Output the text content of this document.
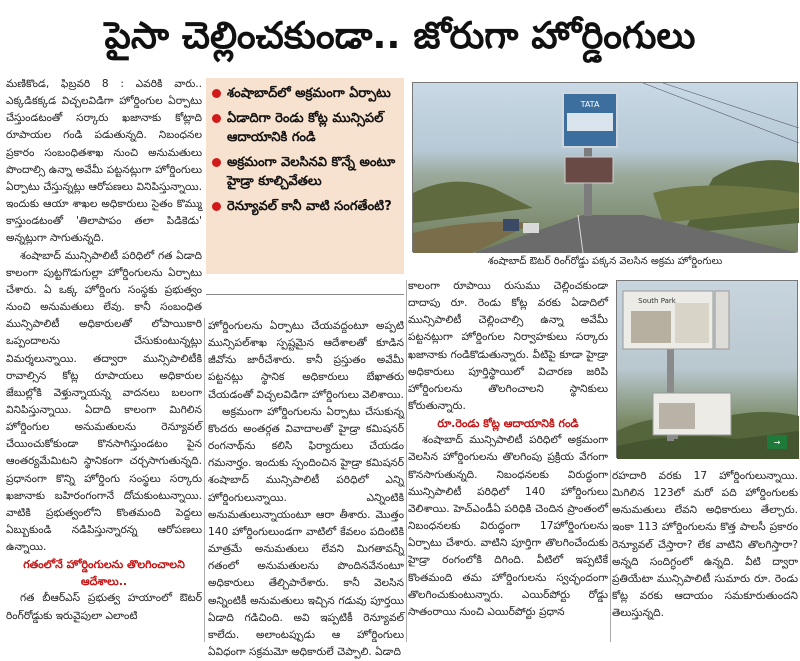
పైసా చెల్లించకుండా.. జోరుగా హోర్డింగులు

మణికొండ, ఫిబ్రవరి 8 : ఎవరికి వారు.. ఎక్కడికక్కడ విచ్చలవిడిగా హోర్డింగుల ఏర్పాటు చేస్తుండటంతో సర్కారు ఖజానాకు కోట్లాది రూపాయల గండి పడుతున్నది. నిబంధనల ప్రకారం సంబంధితశాఖ నుంచి అనుమతులు పొందాల్సి ఉన్నా అవేమీ పట్టనట్లుగా హోర్డింగులు ఏర్పాటు చేస్తున్నట్లు ఆరోపణలు వినిపిస్తున్నాయి. ఇందుకు ఆయా శాఖల అధికారులు సైతం కొమ్ము కాస్తుండటంతో 'తిలాపాపం తలా పిడికెడు' అన్నట్లుగా సాగుతున్నది.

శంషాబాద్ మున్సిపాలిటీ పరిధిలో గత ఏడాది కాలంగా పుట్టగొడుగుల్లా హోర్డింగులను ఏర్పాటు చేశారు. ఏ ఒక్క హోర్డింగు సంస్థకు ప్రభుత్వం నుంచి అనుమతులు లేవు. కానీ సంబంధిత మున్సిపాలిటీ అధికారులతో లోపాయికారి ఒప్పందాలను చేసుకుంటున్నట్లు విమర్శలున్నాయి. తద్వారా మున్సిపాలిటీకి రావాల్సిన కోట్ల రూపాయలు అధికారుల జేబుల్లోకి వెళ్తున్నాయన్న వాదనలు బలంగా వినిపిస్తున్నాయి. ఏదాది కాలంగా మిగిలిన హోర్డింగుల అనుమతులను రెన్యూవల్ చేయించుకోకుండా కొనసాగిస్తుండటం పైన ఆంతర్యమేమిటని స్థానికంగా చర్చసాగుతున్నది. ప్రధానంగా కొన్ని హోర్డింగు సంస్థలు సర్కారు ఖజానాకు బహిరంగంగానే దోచుకుంటున్నాయి. వాటికి ప్రభుత్వంలోని కొంతమంది పెద్దలు ఏబ్బుకుండి నడిపిస్తున్నారన్న ఆరోపణలు ఉన్నాయి.

గతంలోనే హోర్డింగులను తొలగించాలని ఆదేశాలు..

గత బీఆర్ఎస్ ప్రభుత్వ హయాంలో ఔటర్ రింగ్‌రోడ్డుకు ఇరువైపులా ఎలాంటి

శంషాబాద్‌లో అక్రమంగా ఏర్పాటు
ఏడాదిగా రెండు కోట్ల మున్సిపల్ ఆదాయానికి గండి
అక్రమంగా వెలసినవి కొన్నే అంటూ హైడ్రా కూల్చివేతలు
రెన్యూవల్ కానీ వాటి సంగతేంటి?

హోర్డింగులను ఏర్పాటు చేయవద్దంటూ అప్పటి మున్సిపల్‌శాఖ స్పష్టమైన ఆదేశాలతో కూడిన జీవోను జారీచేశారు. కానీ ప్రస్తుతం అవేమీ పట్టనట్లు స్థానిక అధికారులు బేఖాతరు చేయడంతో విచ్చలవిడిగా హోర్డింగులు వెలిశాయి.

అక్రమంగా హోర్డింగులను ఏర్పాటు చేసుకున్న కొందరు అంతర్గత వివాదాలతో హైడ్రా కమిషనర్ రంగనాథ్‌ను కలిసి ఫిర్యాదులు చేయడం గమనార్హం. ఇందుకు స్పందించిన హైడ్రా కమిషనర్ శంషాబాద్ మున్సిపాలిటీ పరిధిలో ఎన్ని హోర్డింగులున్నాయి. ఎన్నింటికి అనుమతులున్నాయంటూ ఆరా తీశారు. మొత్తం 140 హోర్డింగులుండగా వాటిలో కేవలం పదింటికి మాత్రమే అనుమతులు లేవని మిగతావన్నీ గతంలో అనుమతులను పొందినవేనంటూ అధికారులు తేల్చిపారేశారు. కానీ వెలసిన అన్నింటికీ అనుమతులు ఇచ్చిన గడువు పూర్తయి ఏడాది గడిచింది. అవి ఇప్పటికీ రెన్యూవల్ కాలేదు. అలాంటప్పుడు ఆ హోర్డింగులు ఏవిధంగా సక్రమమో అధికారులే చెప్పాలి. ఏడాది

TATA
శంషాబాద్ ఔటర్ రింగ్‌రోడ్డు పక్కన వెలసిన అక్రమ హోర్డింగులు

కాలంగా రూపాయి రుసుము చెల్లించకుండా దాదాపు రూ. రెండు కోట్ల వరకు ఏడాదిలో మున్సిపాలిటీ చెల్లించాల్సి ఉన్నా అవేమీ పట్టనట్లుగా హోర్డింగుల నిర్వాహకులు సర్కారు ఖజానాకు గండికొడుతున్నారు. వీటిపై కూడా హైడ్రా అధికారులు పూర్తిస్థాయిలో విచారణ జరిపి హోర్డింగులను తొలగించాలని స్థానికులు కోరుతున్నారు.

రూ.రెండు కోట్ల ఆదాయానికి గండి

శంషాబాద్ మున్సిపాలిటీ పరిధిలో అక్రమంగా వెలసిన హోర్డింగులను తొలగింపు ప్రక్రియ వేగంగా కొనసాగుతున్నది. నిబంధనలకు విరుద్ధంగా మున్సిపాలిటీ పరిధిలో 140 హోర్డింగులు వెలిశాయి. హెచ్ఎండీఏ పరిధికి చెందిన ప్రాంతంలో నిబంధనలకు విరుద్ధంగా 17హోర్డింగులను ఏర్పాటు చేశారు. వాటిని పూర్తిగా తొలగించేందుకు హైడ్రా రంగంలోకి దిగింది. వీటిలో ఇప్పటికే కొంతమంది తమ హోర్డింగులను స్వచ్ఛందంగా తొలగించుకుంటున్నారు. ఎయిర్‌పోర్టు రోడ్డు సాతంరాయి నుంచి ఎయిర్‌పోర్టు ప్రధాన

South Park
→

రహదారి వరకు 17 హోర్డింగులున్నాయి. మిగిలిన 123లో మరో పది హోర్డింగులకు అనుమతులు లేవని అధికారులు తేల్చారు. ఇంకా 113 హోర్డింగులను కొత్త పాలసీ ప్రకారం రెన్యూవల్ చేస్తారా? లేక వాటిని తొలగిస్తారా? అన్నది సందిగ్ధంలో ఉన్నది. వీటి ద్వారా ప్రతియేటా మున్సిపాలిటీ సుమారు రూ. రెండు కోట్ల వరకు ఆదాయం సమకూరుతుందని తెలుస్తున్నది.
